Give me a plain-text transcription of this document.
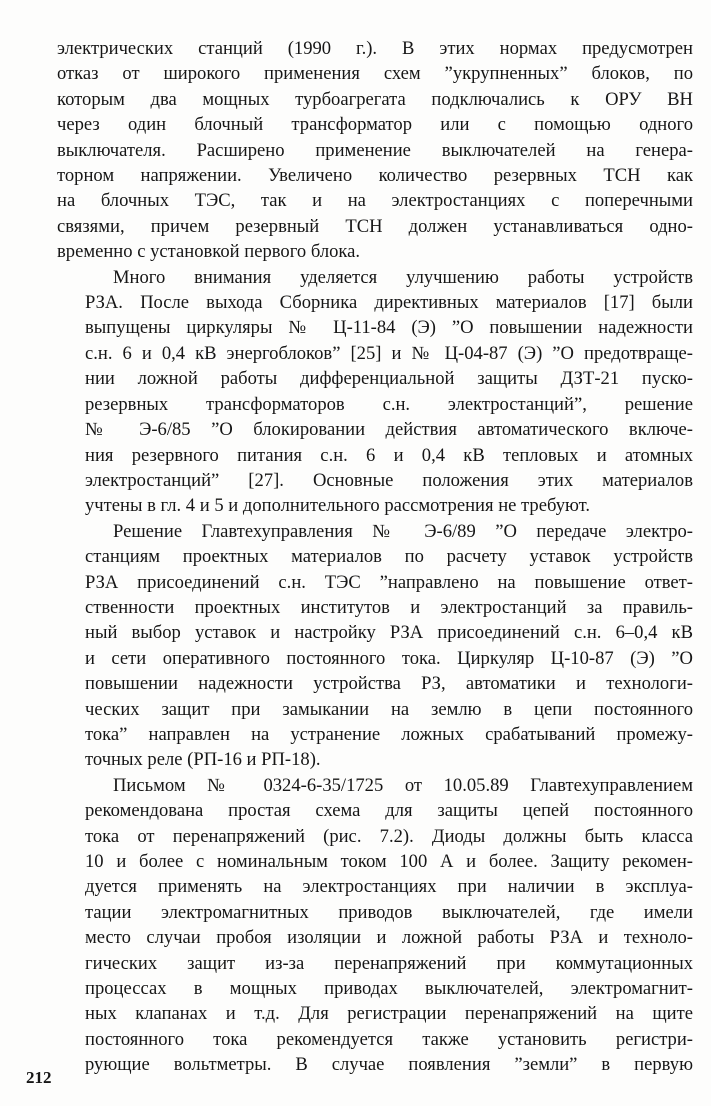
электрических станций (1990 г.). В этих нормах предусмотрен
отказ от широкого применения схем ”укрупненных” блоков, по
которым два мощных турбоагрегата подключались к ОРУ ВН
через один блочный трансформатор или с помощью одного
выключателя. Расширено применение выключателей на генера-
торном напряжении. Увеличено количество резервных ТСН как
на блочных ТЭС, так и на электростанциях с поперечными
связями, причем резервный ТСН должен устанавливаться одно-
временно с установкой первого блока.
Много внимания уделяется улучшению работы устройств
РЗА. После выхода Сборника директивных материалов [17] были
выпущены циркуляры № Ц-11-84 (Э) ”О повышении надежности
с.н. 6 и 0,4 кВ энергоблоков” [25] и № Ц-04-87 (Э) ”О предотвраще-
нии ложной работы дифференциальной защиты ДЗТ-21 пуско-
резервных трансформаторов с.н. электростанций”, решение
№ Э-6/85 ”О блокировании действия автоматического включе-
ния резервного питания с.н. 6 и 0,4 кВ тепловых и атомных
электростанций” [27]. Основные положения этих материалов
учтены в гл. 4 и 5 и дополнительного рассмотрения не требуют.
Решение Главтехуправления № Э-6/89 ”О передаче электро-
станциям проектных материалов по расчету уставок устройств
РЗА присоединений с.н. ТЭС ”направлено на повышение ответ-
ственности проектных институтов и электростанций за правиль-
ный выбор уставок и настройку РЗА присоединений с.н. 6–0,4 кВ
и сети оперативного постоянного тока. Циркуляр Ц-10-87 (Э) ”О
повышении надежности устройства РЗ, автоматики и технологи-
ческих защит при замыкании на землю в цепи постоянного
тока” направлен на устранение ложных срабатываний промежу-
точных реле (РП-16 и РП-18).
Письмом № 0324-6-35/1725 от 10.05.89 Главтехуправлением
рекомендована простая схема для защиты цепей постоянного
тока от перенапряжений (рис. 7.2). Диоды должны быть класса
10 и более с номинальным током 100 А и более. Защиту рекомен-
дуется применять на электростанциях при наличии в эксплуа-
тации электромагнитных приводов выключателей, где имели
место случаи пробоя изоляции и ложной работы РЗА и техноло-
гических защит из-за перенапряжений при коммутационных
процессах в мощных приводах выключателей, электромагнит-
ных клапанах и т.д. Для регистрации перенапряжений на щите
постоянного тока рекомендуется также установить регистри-
рующие вольтметры. В случае появления ”земли” в первую
212
